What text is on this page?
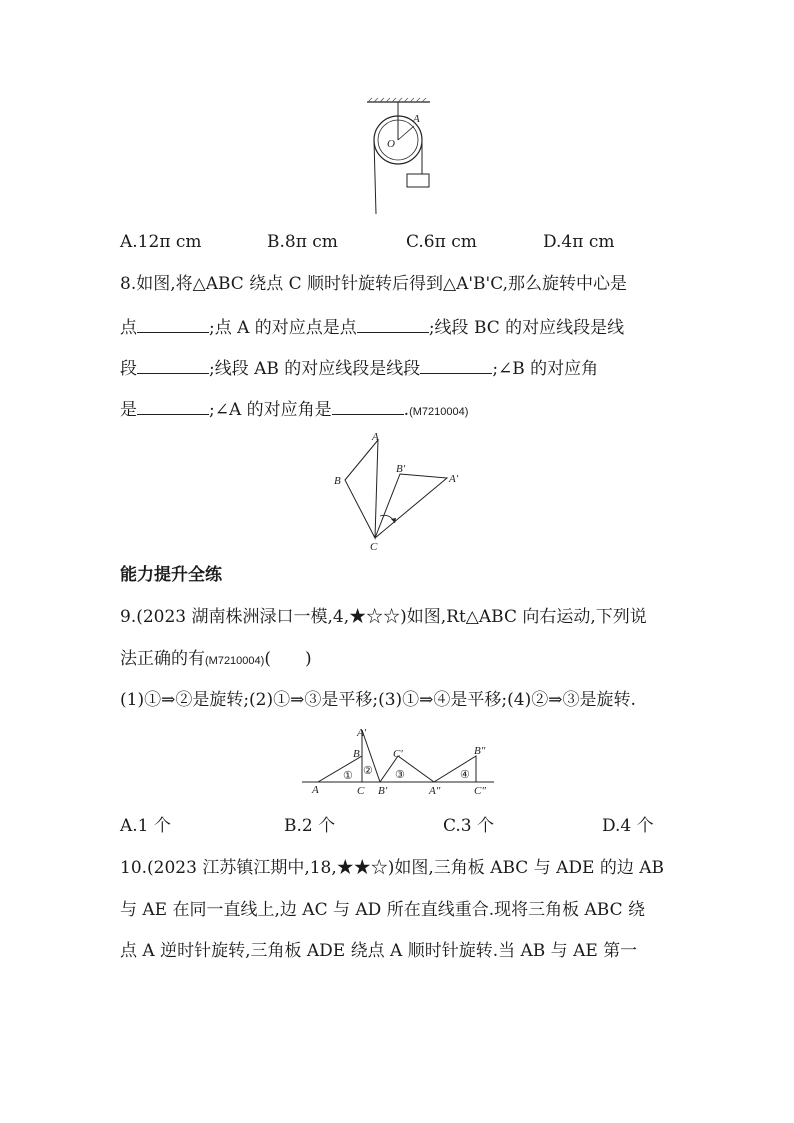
O
A
A.12π cm	B.8π cm	C.6π cm	D.4π cm
8.如图,将△ABC 绕点 C 顺时针旋转后得到△A'B'C,那么旋转中心是
点	;点 A 的对应点是点	;线段 BC 的对应线段是线
段	;线段 AB 的对应线段是线段	;∠B 的对应角
是	;∠A 的对应角是	.(M7210004)
A
B
C
B′
A′
能力提升全练
9.(2023 湖南株洲渌口一模,4,★☆☆)如图,Rt△ABC 向右运动,下列说
法正确的有(M7210004)(　　)
(1)①⇒②是旋转;(2)①⇒③是平移;(3)①⇒④是平移;(4)②⇒③是旋转.
A
B
C
A′
B′
C′
A″
B″
C″
① ② ③	④
A.1 个	B.2 个	C.3 个	D.4 个
10.(2023 江苏镇江期中,18,★★☆)如图,三角板 ABC 与 ADE 的边 AB
与 AE 在同一直线上,边 AC 与 AD 所在直线重合.现将三角板 ABC 绕
点 A 逆时针旋转,三角板 ADE 绕点 A 顺时针旋转.当 AB 与 AE 第一
